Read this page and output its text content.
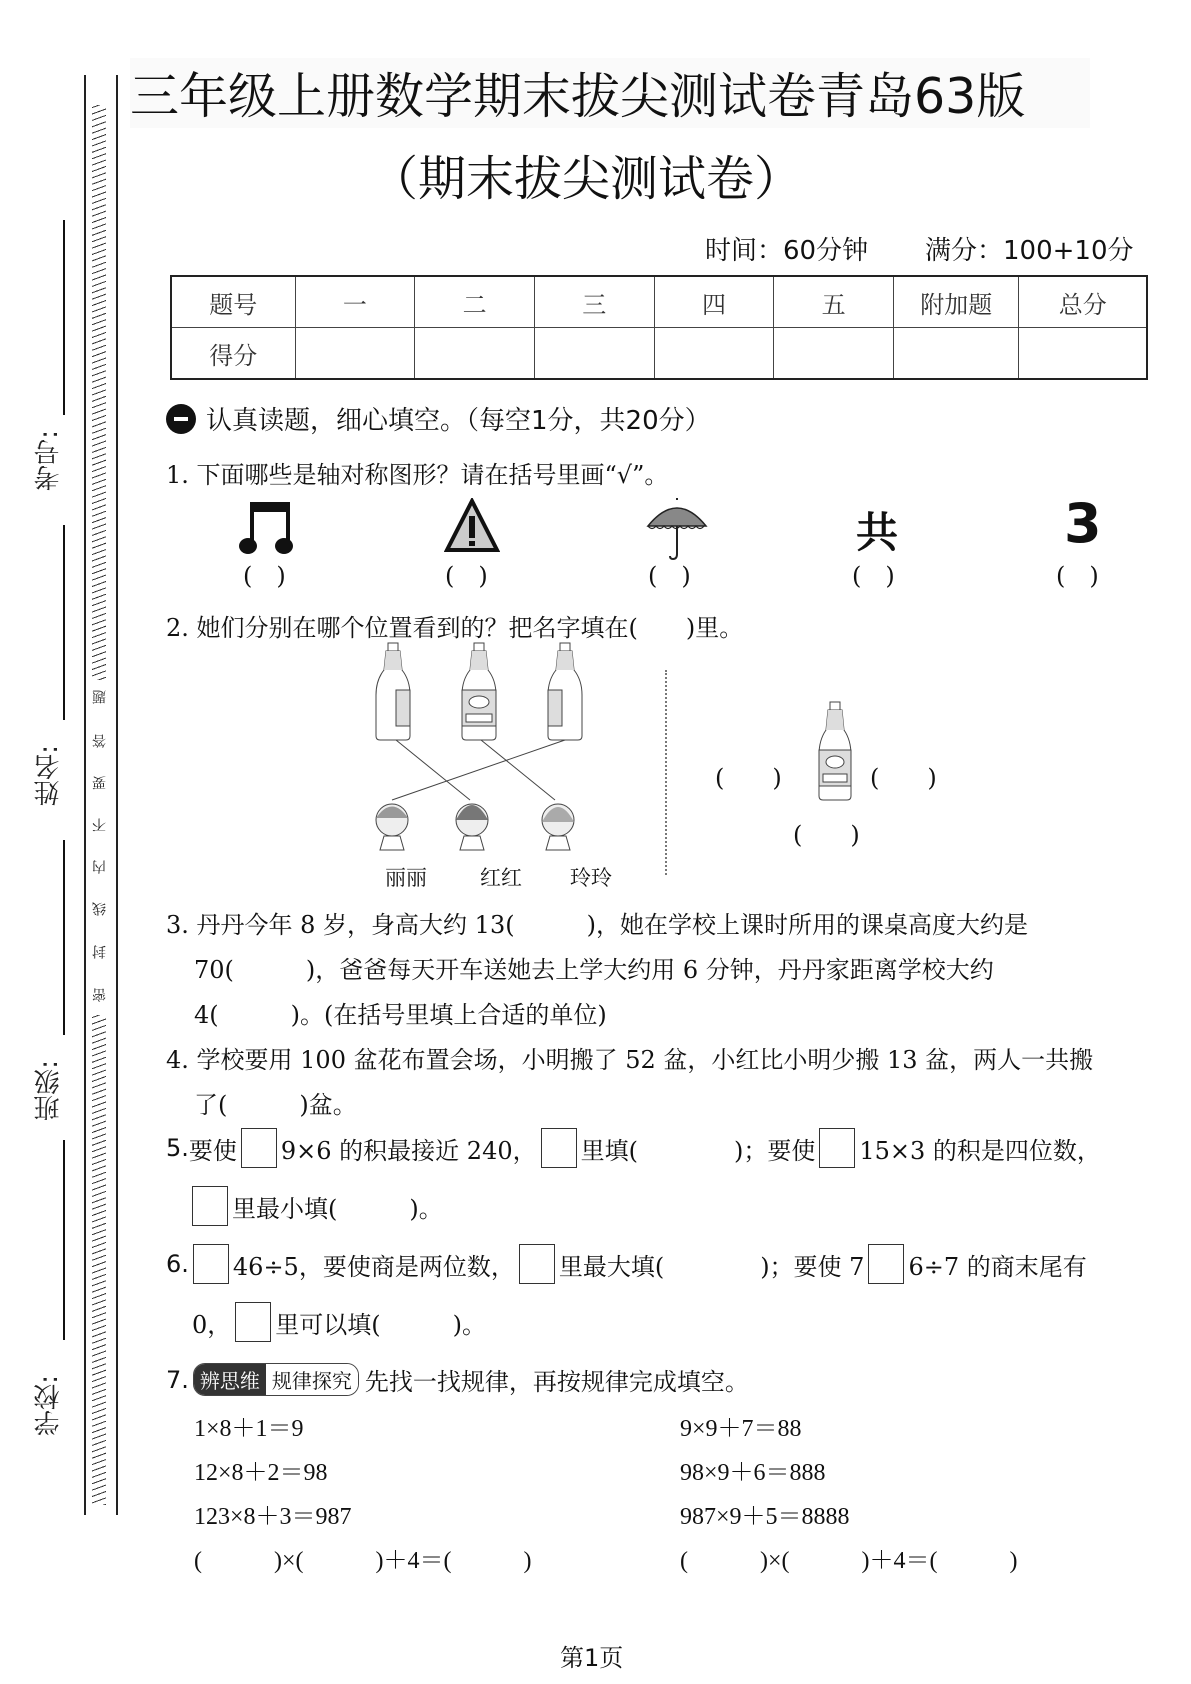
密
封
线
内
不
要
答
题
考号:
姓名:
班级:
学校:
三年级上册数学期末拔尖测试卷青岛63版
（期末拔尖测试卷）
时间：60分钟 满分：100+10分
题号	一	二	三	四	五	附加题	总分
得分							
认真读题，细心填空。（每空1分，共20分）
1. 下面哪些是轴对称图形？请在括号里画“√”。
共	3
(　)	(　)	(　)	(　)	(　)
2. 她们分别在哪个位置看到的？把名字填在(　　)里。
丽丽	红红 玲玲
(　　)	(　　)
(　　)
3. 丹丹今年 8 岁，身高大约 13(　　　)，她在学校上课时所用的课桌高度大约是
70(　　　)，爸爸每天开车送她去上学大约用 6 分钟，丹丹家距离学校大约
4(　　　)。(在括号里填上合适的单位)
4. 学校要用 100 盆花布置会场，小明搬了 52 盆，小红比小明少搬 13 盆，两人一共搬
了(　　　)盆。
5. 要使 9×6 的积最接近 240， 里填(　　　　)；要使 15×3 的积是四位数，
里最小填(　　　)。
6. 46÷5，要使商是两位数， 里最大填(　　　　)；要使 7 6÷7 的商末尾有
0， 里可以填(　　　)。
7. 辨思维 规律探究 先找一找规律，再按规律完成填空。
1×8＋1＝9
12×8＋2＝98
123×8＋3＝987
(　　　)×(　　　)＋4＝(　　　)
9×9＋7＝88
98×9＋6＝888
987×9＋5＝8888
(　　　)×(　　　)＋4＝(　　　)
第1页
